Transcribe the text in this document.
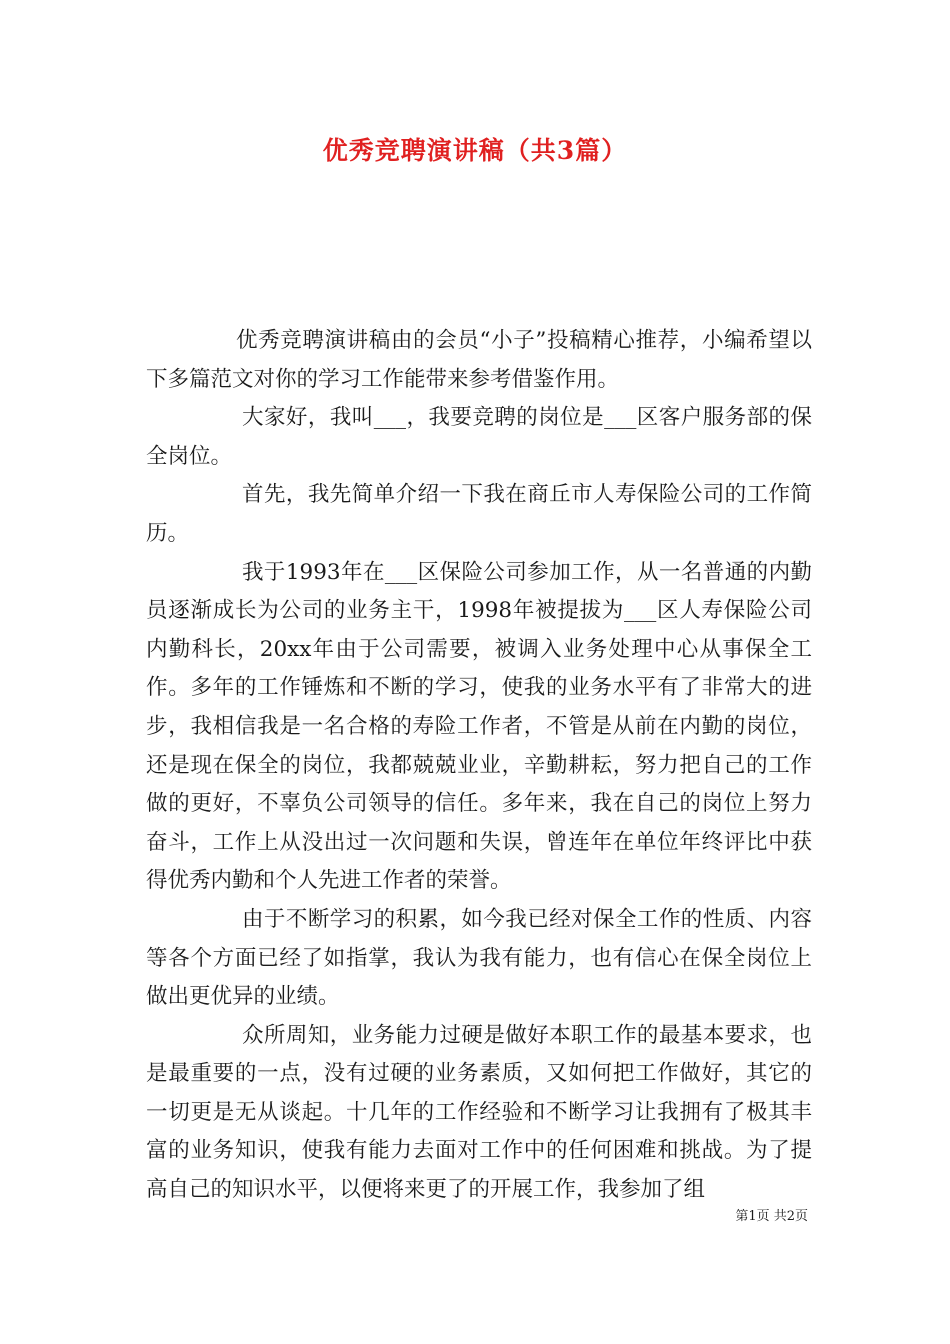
优秀竞聘演讲稿（共3篇）

优秀竞聘演讲稿由的会员“小子”投稿精心推荐，小编希望以下多篇范文对你的学习工作能带来参考借鉴作用。

大家好，我叫___，我要竞聘的岗位是___区客户服务部的保全岗位。

首先，我先简单介绍一下我在商丘市人寿保险公司的工作简历。

我于1993年在___区保险公司参加工作，从一名普通的内勤员逐渐成长为公司的业务主干，1998年被提拔为___区人寿保险公司内勤科长，20xx年由于公司需要，被调入业务处理中心从事保全工作。多年的工作锤炼和不断的学习，使我的业务水平有了非常大的进步，我相信我是一名合格的寿险工作者，不管是从前在内勤的岗位，还是现在保全的岗位，我都兢兢业业，辛勤耕耘，努力把自己的工作做的更好，不辜负公司领导的信任。多年来，我在自己的岗位上努力奋斗，工作上从没出过一次问题和失误，曾连年在单位年终评比中获得优秀内勤和个人先进工作者的荣誉。

由于不断学习的积累，如今我已经对保全工作的性质、内容等各个方面已经了如指掌，我认为我有能力，也有信心在保全岗位上做出更优异的业绩。

众所周知，业务能力过硬是做好本职工作的最基本要求，也是最重要的一点，没有过硬的业务素质，又如何把工作做好，其它的一切更是无从谈起。十几年的工作经验和不断学习让我拥有了极其丰富的业务知识，使我有能力去面对工作中的任何困难和挑战。为了提高自己的知识水平，以便将来更了的开展工作，我参加了组

第1页 共2页
